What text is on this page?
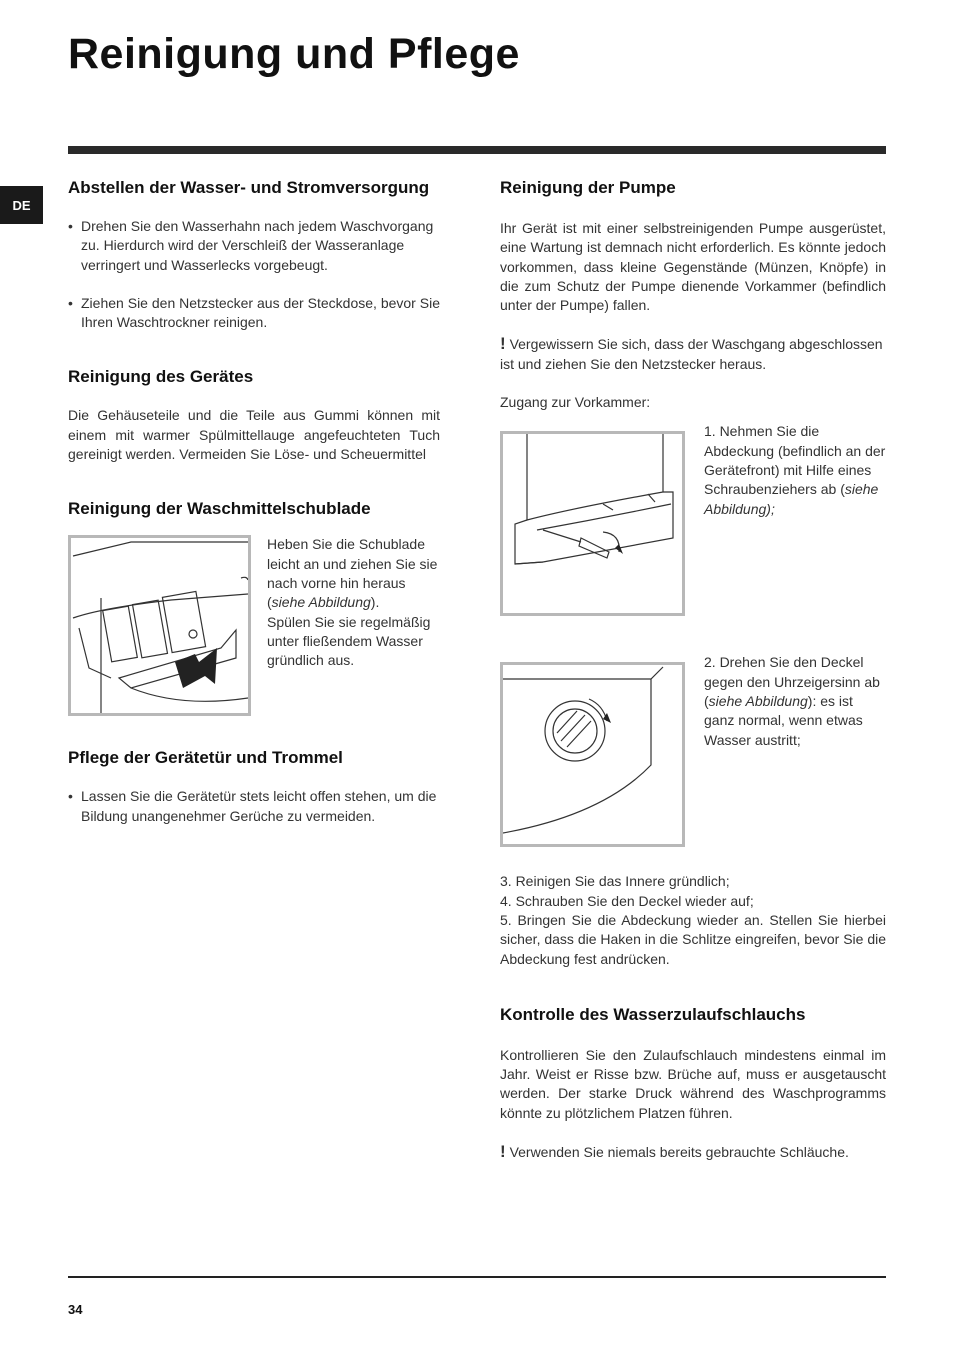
Reinigung und Pflege
DE
Abstellen der Wasser- und Stromversorgung

• Drehen Sie den Wasserhahn nach jedem Waschvorgang zu. Hierdurch wird der Verschleiß der Wasseranlage verringert und Wasserlecks vorgebeugt.

• Ziehen Sie den Netzstecker aus der Steckdose, bevor Sie Ihren Waschtrockner reinigen.

Reinigung des Gerätes

Die Gehäuseteile und die Teile aus Gummi können mit einem mit warmer Spülmittellauge angefeuchteten Tuch gereinigt werden. Vermeiden Sie Löse- und Scheuermittel

Reinigung der Waschmittelschublade

Heben Sie die Schublade leicht an und ziehen Sie sie nach vorne hin heraus (siehe Abbildung).

Spülen Sie sie regelmäßig unter fließendem Wasser gründlich aus.

Pflege der Gerätetür und Trommel

• Lassen Sie die Gerätetür stets leicht offen stehen, um die Bildung unangenehmer Gerüche zu vermeiden.

Reinigung der Pumpe

Ihr Gerät ist mit einer selbstreinigenden Pumpe ausgerüstet, eine Wartung ist demnach nicht erforderlich. Es könnte jedoch vorkommen, dass kleine Gegenstände (Münzen, Knöpfe) in die zum Schutz der Pumpe dienende Vorkammer (befindlich unter der Pumpe) fallen.

! Vergewissern Sie sich, dass der Waschgang abgeschlossen ist und ziehen Sie den Netzstecker heraus.

Zugang zur Vorkammer:

1. Nehmen Sie die Abdeckung (befindlich an der Gerätefront) mit Hilfe eines Schraubenziehers ab (siehe Abbildung);

2. Drehen Sie den Deckel gegen den Uhrzeigersinn ab (siehe Abbildung): es ist ganz normal, wenn etwas Wasser austritt;

3. Reinigen Sie das Innere gründlich;

4. Schrauben Sie den Deckel wieder auf;

5. Bringen Sie die Abdeckung wieder an. Stellen Sie hierbei sicher, dass die Haken in die Schlitze eingreifen, bevor Sie die Abdeckung fest andrücken.

Kontrolle des Wasserzulaufschlauchs

Kontrollieren Sie den Zulaufschlauch mindestens einmal im Jahr. Weist er Risse bzw. Brüche auf, muss er ausgetauscht werden. Der starke Druck während des Waschprogramms könnte zu plötzlichem Platzen führen.

! Verwenden Sie niemals bereits gebrauchte Schläuche.

34
